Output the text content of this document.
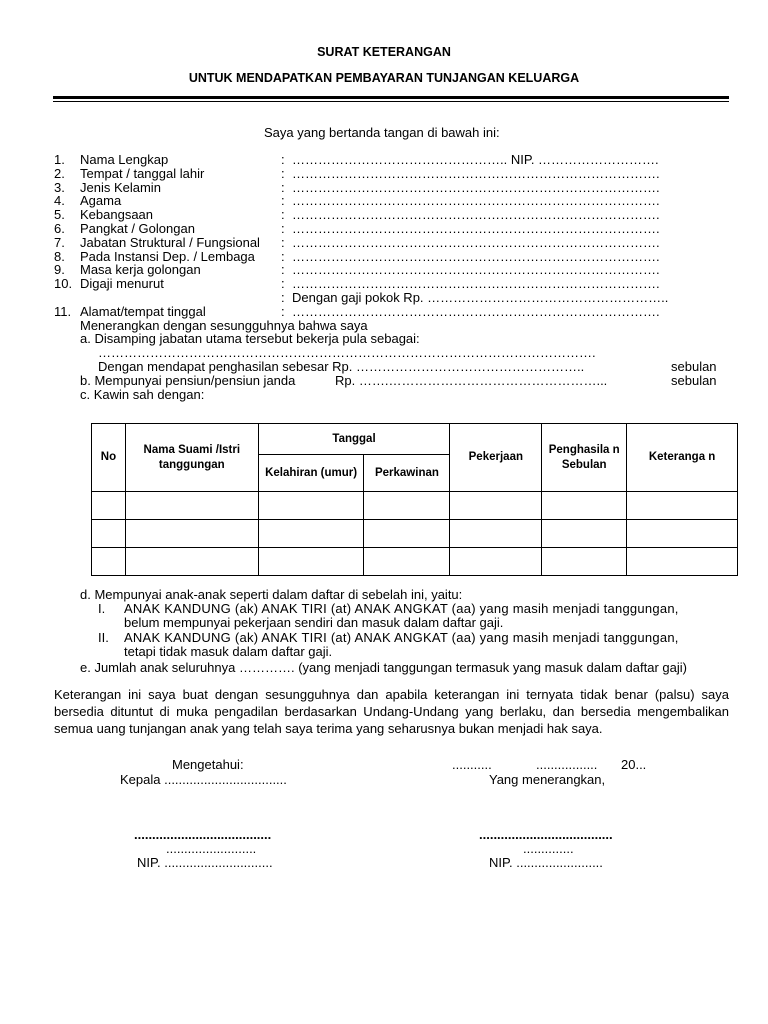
SURAT KETERANGAN
UNTUK MENDAPATKAN PEMBAYARAN TUNJANGAN KELUARGA
Saya yang bertanda tangan di bawah ini:
1. Nama Lengkap	: ………………………………………….. NIP. ……………………….
2. Tempat / tanggal lahir	: ………………………………………………………………………….
3. Jenis Kelamin	: ………………………………………………………………………….
4. Agama	: ………………………………………………………………………….
5. Kebangsaan	: ………………………………………………………………………….
6. Pangkat / Golongan	: ………………………………………………………………………….
7. Jabatan Struktural / Fungsional : ………………………………………………………………………….
8. Pada Instansi Dep. / Lembaga : ………………………………………………………………………….
9. Masa kerja golongan	: ………………………………………………………………………….
10. Digaji menurut	: ………………………………………………………………………….
: Dengan gaji pokok Rp. ………………………………………………..
11. Alamat/tempat tinggal	: ………………………………………………………………………….
Menerangkan dengan sesungguhnya bahwa saya
a. Disamping jabatan utama tersebut bekerja pula sebagai:
…………………………………………………………………………………………………….
Dengan mendapat penghasilan sebesar Rp. ……………………………………………..	sebulan
b. Mempunyai pensiun/pensiun janda	Rp. …….…………………………………………...	sebulan
c. Kawin sah dengan:
No	Nama Suami /Istri tanggungan	Tanggal		Pekerjaan	Penghasila n Sebulan	Keteranga n
		Kelahiran (umur)	Perkawinan			

d. Mempunyai anak-anak seperti dalam daftar di sebelah ini, yaitu:
I. ANAK KANDUNG (ak) ANAK TIRI (at) ANAK ANGKAT (aa) yang masih menjadi tanggungan,
belum mempunyai pekerjaan sendiri dan masuk dalam daftar gaji.
II. ANAK KANDUNG (ak) ANAK TIRI (at) ANAK ANGKAT (aa) yang masih menjadi tanggungan,
tetapi tidak masuk dalam daftar gaji.
e. Jumlah anak seluruhnya …………. (yang menjadi tanggungan termasuk yang masuk dalam daftar gaji)
Keterangan ini saya buat dengan sesungguhnya dan apabila keterangan ini ternyata tidak benar (palsu) saya bersedia dituntut di muka pengadilan berdasarkan Undang-Undang yang berlaku, dan bersedia mengembalikan semua uang tunjangan anak yang telah saya terima yang seharusnya bukan menjadi hak saya.
Mengetahui:
Kepala ..................................
...........	................. 20...
Yang menerangkan,
......................................
.........................
NIP. ..............................
.....................................
..............
NIP. ........................
